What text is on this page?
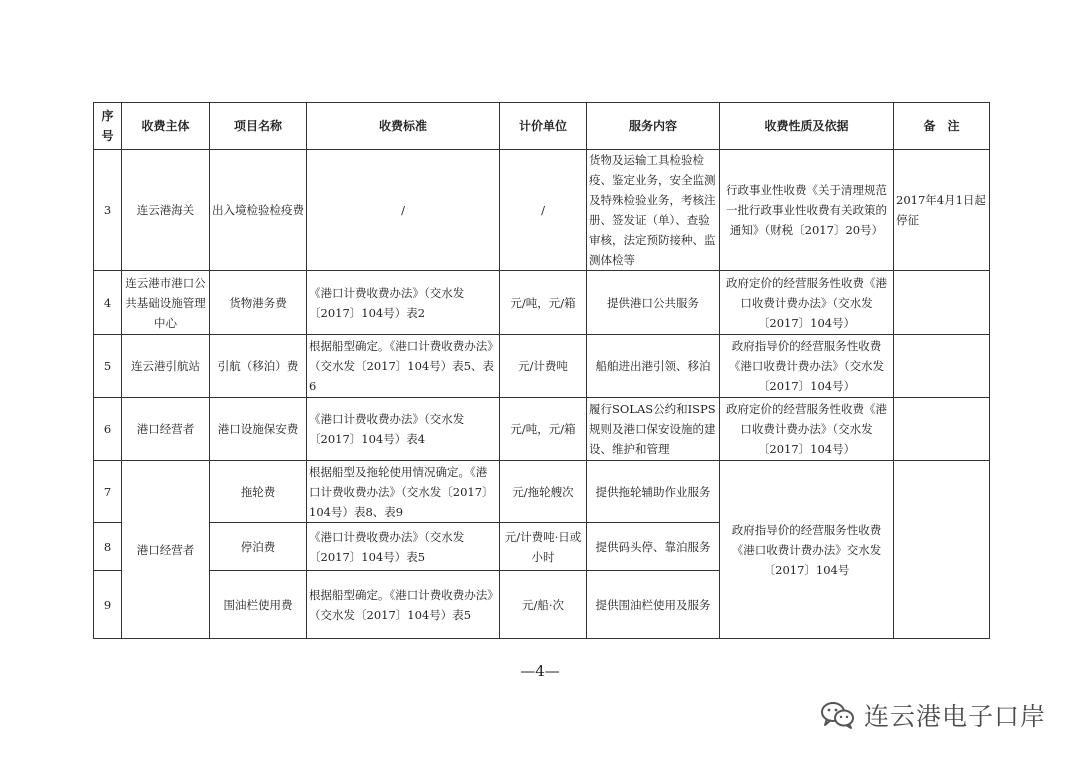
序号	收费主体	项目名称	收费标准	计价单位	服务内容	收费性质及依据	备　注
3	连云港海关	出入境检验检疫费	/	/	货物及运输工具检验检疫、鉴定业务，安全监测及特殊检验业务，考核注册、签发证（单）、查验审核，法定预防接种、监测体检等	行政事业性收费《关于清理规范一批行政事业性收费有关政策的通知》（财税〔2017〕20号）	2017年4月1日起停征
4	连云港市港口公共基础设施管理中心	货物港务费	《港口计费收费办法》（交水发〔2017〕104号）表2	元/吨，元/箱	提供港口公共服务	政府定价的经营服务性收费《港口收费计费办法》（交水发〔2017〕104号）	
5	连云港引航站	引航（移泊）费	根据船型确定。《港口计费收费办法》（交水发〔2017〕104号）表5、表6	元/计费吨	船舶进出港引领、移泊	政府指导价的经营服务性收费《港口收费计费办法》（交水发〔2017〕104号）	
6	港口经营者	港口设施保安费	《港口计费收费办法》（交水发〔2017〕104号）表4	元/吨，元/箱	履行SOLAS公约和ISPS规则及港口保安设施的建设、维护和管理	政府定价的经营服务性收费《港口收费计费办法》（交水发〔2017〕104号）	
7	港口经营者	拖轮费	根据船型及拖轮使用情况确定。《港口计费收费办法》（交水发〔2017〕104号）表8、表9	元/拖轮艘次	提供拖轮辅助作业服务	政府指导价的经营服务性收费《港口收费计费办法》交水发〔2017〕104号	
8		停泊费	《港口计费收费办法》（交水发〔2017〕104号）表5	元/计费吨·日或小时	提供码头停、靠泊服务		
9		围油栏使用费	根据船型确定。《港口计费收费办法》（交水发〔2017〕104号）表5	元/船·次	提供围油栏使用及服务		
—4—
连云港电子口岸
